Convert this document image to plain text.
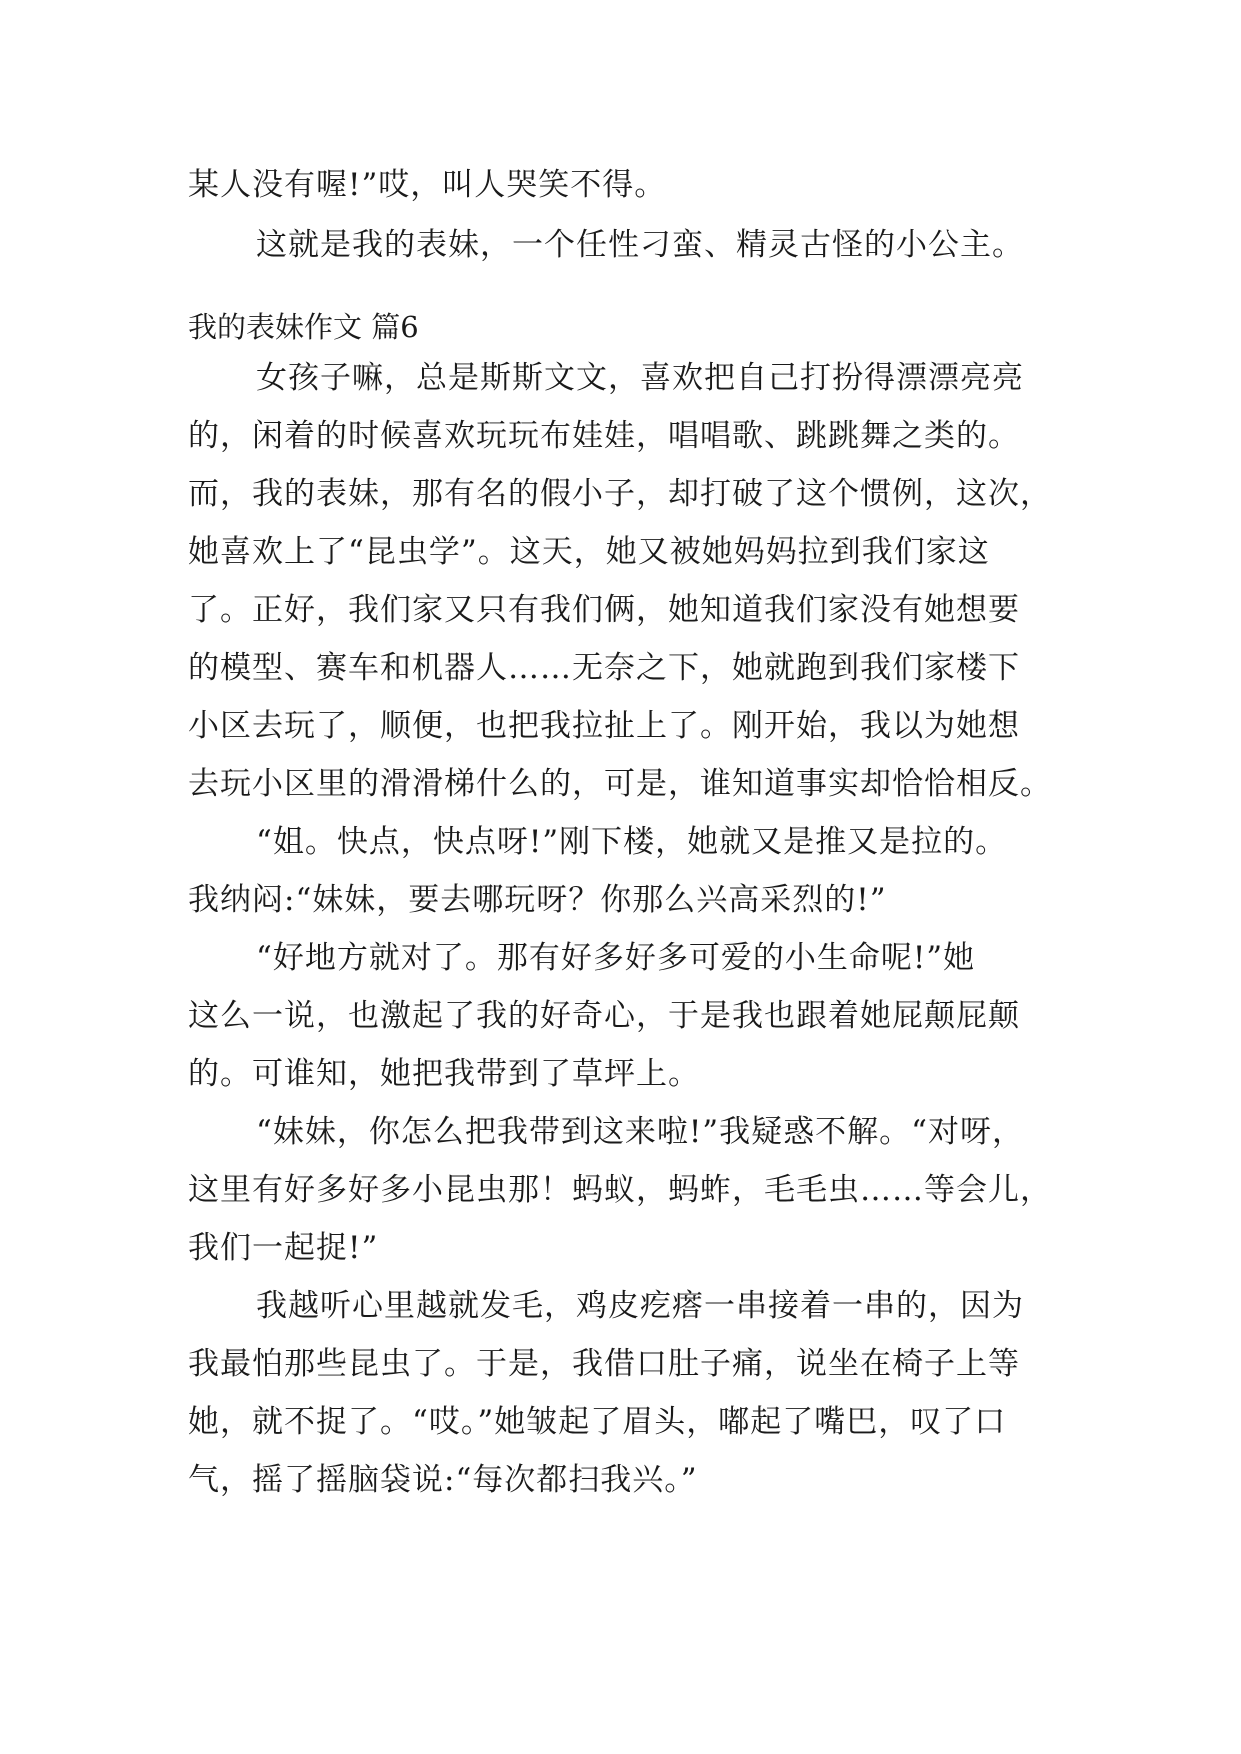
某人没有喔!”哎，叫人哭笑不得。
这就是我的表妹，一个任性刁蛮、精灵古怪的小公主。
我的表妹作文 篇6
女孩子嘛，总是斯斯文文，喜欢把自己打扮得漂漂亮亮
的，闲着的时候喜欢玩玩布娃娃，唱唱歌、跳跳舞之类的。
而，我的表妹，那有名的假小子，却打破了这个惯例，这次，
她喜欢上了“昆虫学”。这天，她又被她妈妈拉到我们家这
了。正好，我们家又只有我们俩，她知道我们家没有她想要
的模型、赛车和机器人……无奈之下，她就跑到我们家楼下
小区去玩了，顺便，也把我拉扯上了。刚开始，我以为她想
去玩小区里的滑滑梯什么的，可是，谁知道事实却恰恰相反。
“姐。快点，快点呀!”刚下楼，她就又是推又是拉的。
我纳闷:“妹妹，要去哪玩呀？你那么兴高采烈的!”
“好地方就对了。那有好多好多可爱的小生命呢!”她
这么一说，也激起了我的好奇心，于是我也跟着她屁颠屁颠
的。可谁知，她把我带到了草坪上。
“妹妹，你怎么把我带到这来啦!”我疑惑不解。“对呀，
这里有好多好多小昆虫那！蚂蚁，蚂蚱，毛毛虫……等会儿，
我们一起捉!”
我越听心里越就发毛，鸡皮疙瘩一串接着一串的，因为
我最怕那些昆虫了。于是，我借口肚子痛，说坐在椅子上等
她，就不捉了。“哎。”她皱起了眉头，嘟起了嘴巴，叹了口
气，摇了摇脑袋说:“每次都扫我兴。”
